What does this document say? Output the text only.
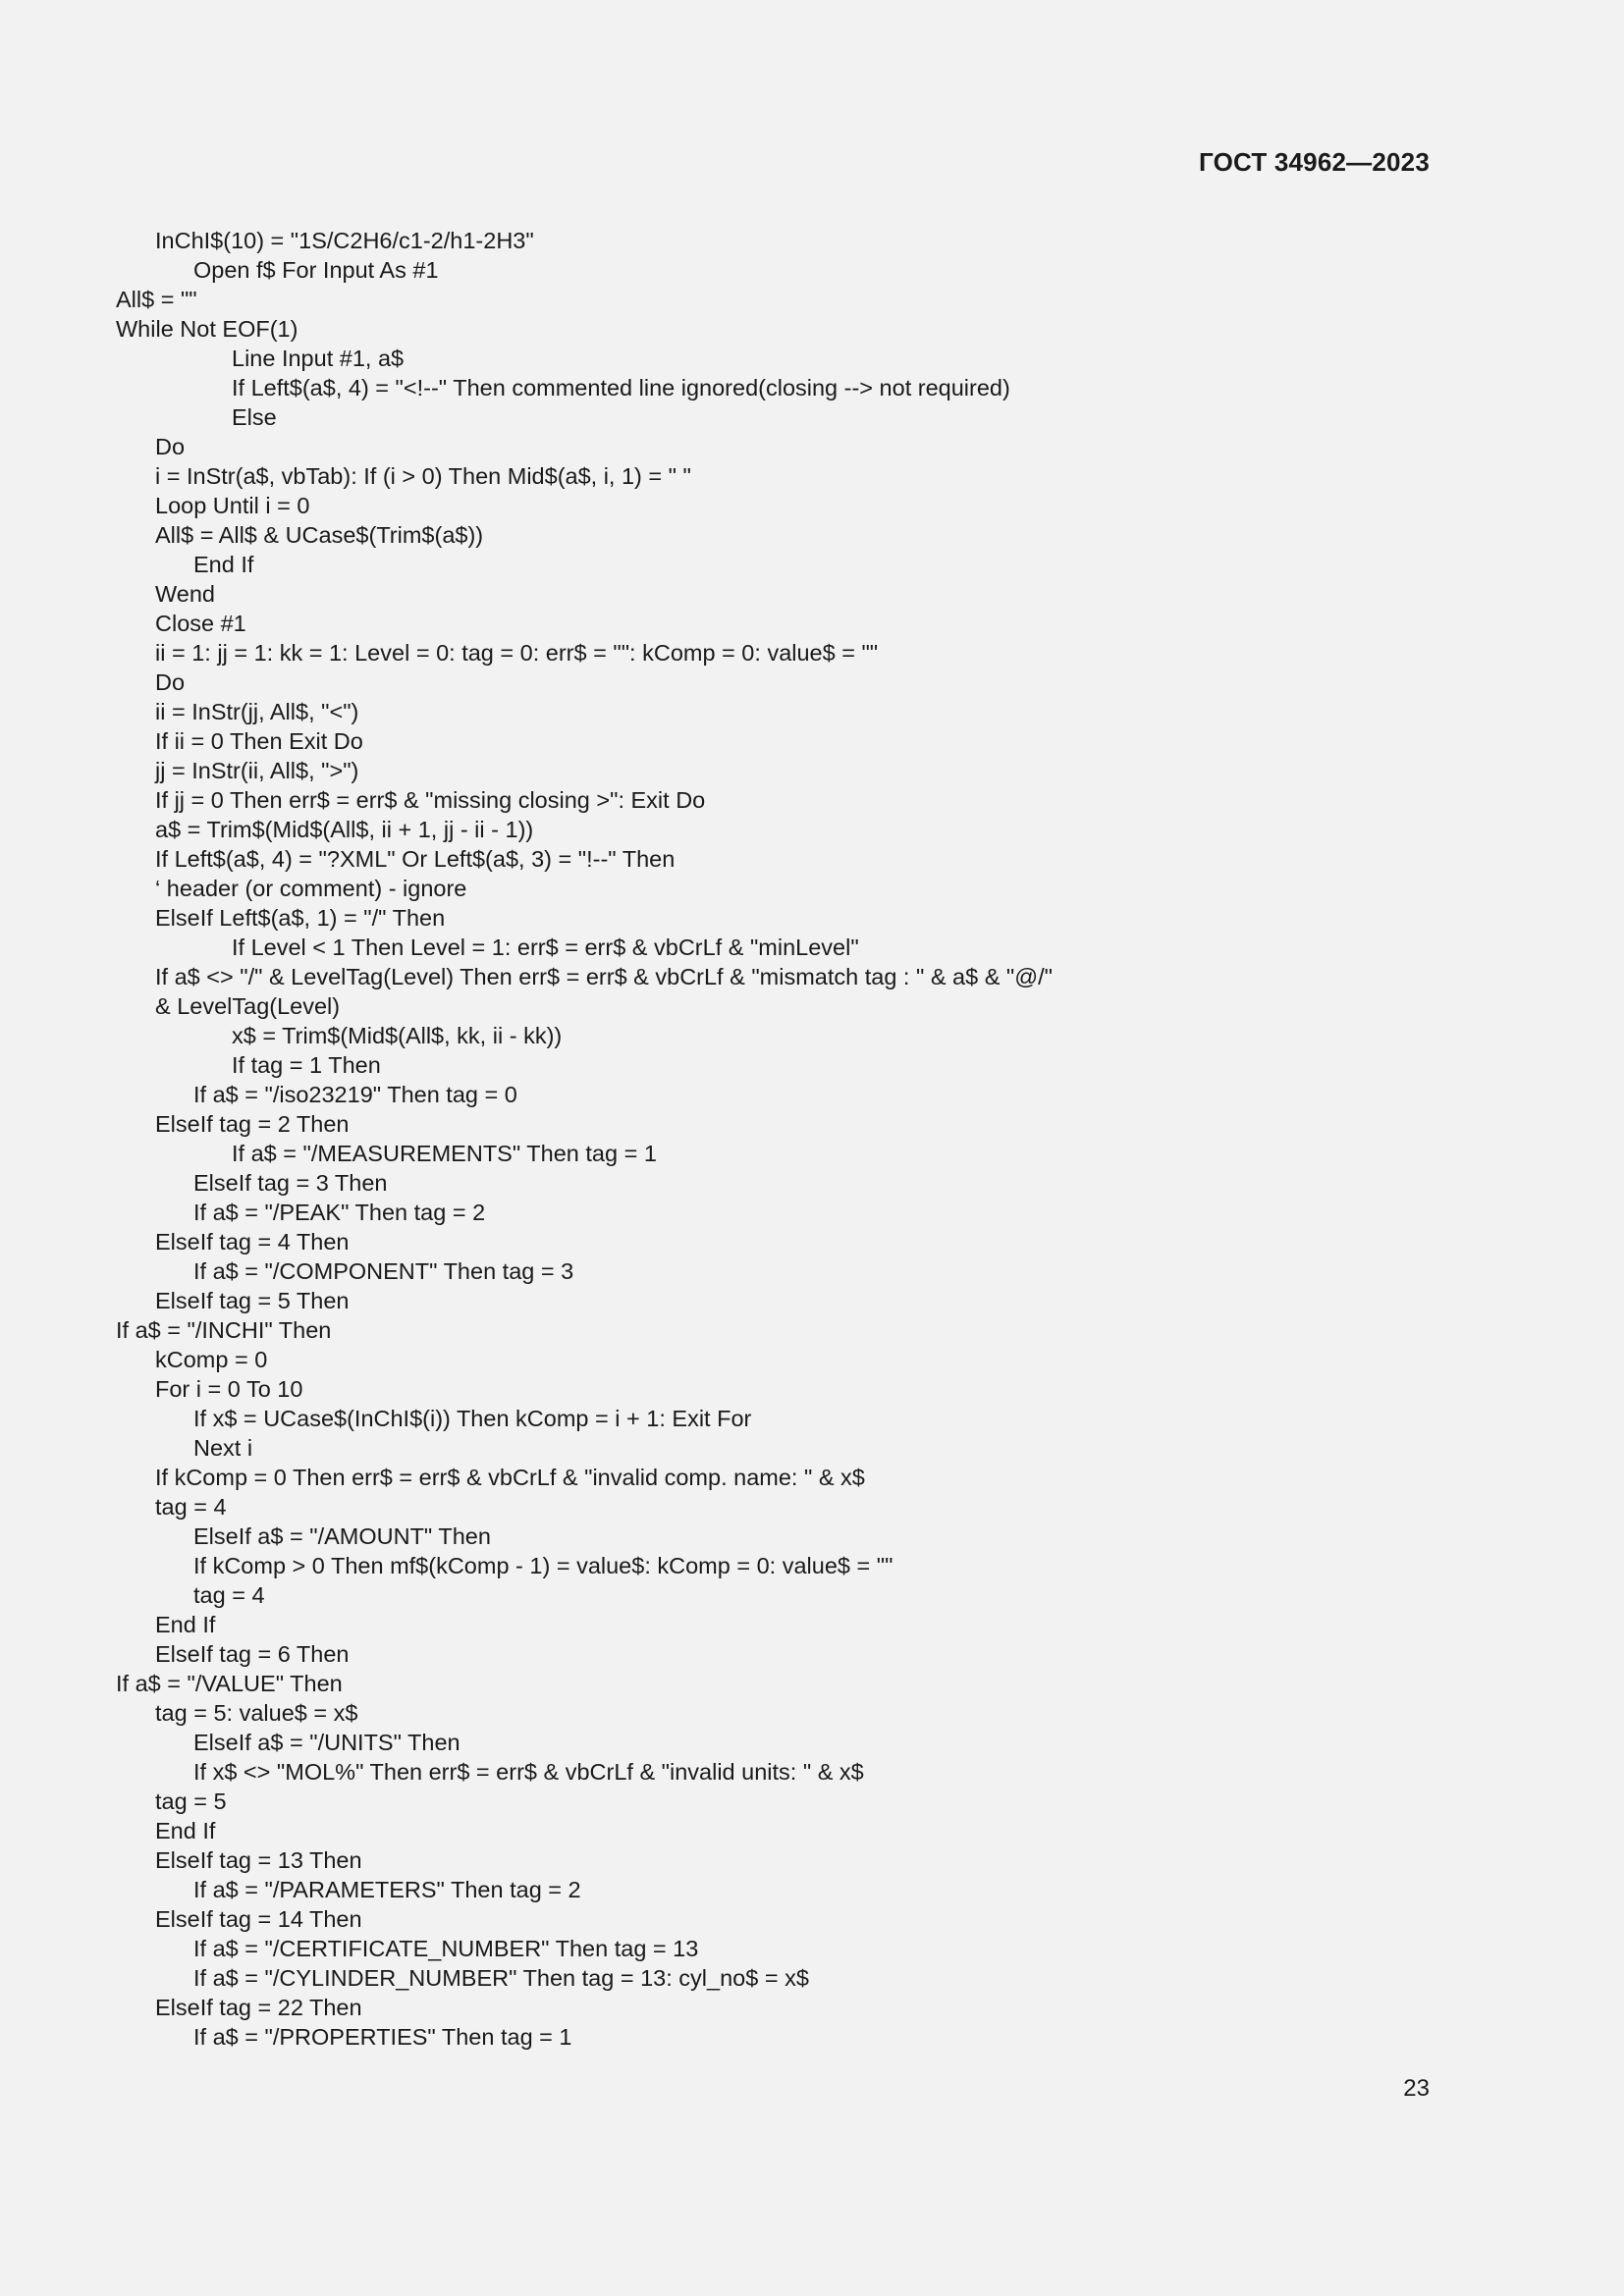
ГОСТ 34962—2023
InChI$(10) = "1S/C2H6/c1-2/h1-2H3"
Open f$ For Input As #1
All$ = ""
While Not EOF(1)
Line Input #1, a$
If Left$(a$, 4) = "<!--" Then commented line ignored(closing --> not required)
Else
Do
i = InStr(a$, vbTab): If (i > 0) Then Mid$(a$, i, 1) = " "
Loop Until i = 0
All$ = All$ & UCase$(Trim$(a$))
End If
Wend
Close #1
ii = 1: jj = 1: kk = 1: Level = 0: tag = 0: err$ = "": kComp = 0: value$ = ""
Do
ii = InStr(jj, All$, "<")
If ii = 0 Then Exit Do
jj = InStr(ii, All$, ">")
If jj = 0 Then err$ = err$ & "missing closing >": Exit Do
a$ = Trim$(Mid$(All$, ii + 1, jj - ii - 1))
If Left$(a$, 4) = "?XML" Or Left$(a$, 3) = "!--" Then
‘ header (or comment) - ignore
ElseIf Left$(a$, 1) = "/" Then
If Level < 1 Then Level = 1: err$ = err$ & vbCrLf & "minLevel"
If a$ <> "/" & LevelTag(Level) Then err$ = err$ & vbCrLf & "mismatch tag : " & a$ & "@/"
& LevelTag(Level)
x$ = Trim$(Mid$(All$, kk, ii - kk))
If tag = 1 Then
If a$ = "/iso23219" Then tag = 0
ElseIf tag = 2 Then
If a$ = "/MEASUREMENTS" Then tag = 1
ElseIf tag = 3 Then
If a$ = "/PEAK" Then tag = 2
ElseIf tag = 4 Then
If a$ = "/COMPONENT" Then tag = 3
ElseIf tag = 5 Then
If a$ = "/INCHI" Then
kComp = 0
For i = 0 To 10
If x$ = UCase$(InChI$(i)) Then kComp = i + 1: Exit For
Next i
If kComp = 0 Then err$ = err$ & vbCrLf & "invalid comp. name: " & x$
tag = 4
ElseIf a$ = "/AMOUNT" Then
If kComp > 0 Then mf$(kComp - 1) = value$: kComp = 0: value$ = ""
tag = 4
End If
ElseIf tag = 6 Then
If a$ = "/VALUE" Then
tag = 5: value$ = x$
ElseIf a$ = "/UNITS" Then
If x$ <> "MOL%" Then err$ = err$ & vbCrLf & "invalid units: " & x$
tag = 5
End If
ElseIf tag = 13 Then
If a$ = "/PARAMETERS" Then tag = 2
ElseIf tag = 14 Then
If a$ = "/CERTIFICATE_NUMBER" Then tag = 13
If a$ = "/CYLINDER_NUMBER" Then tag = 13: cyl_no$ = x$
ElseIf tag = 22 Then
If a$ = "/PROPERTIES" Then tag = 1
23
